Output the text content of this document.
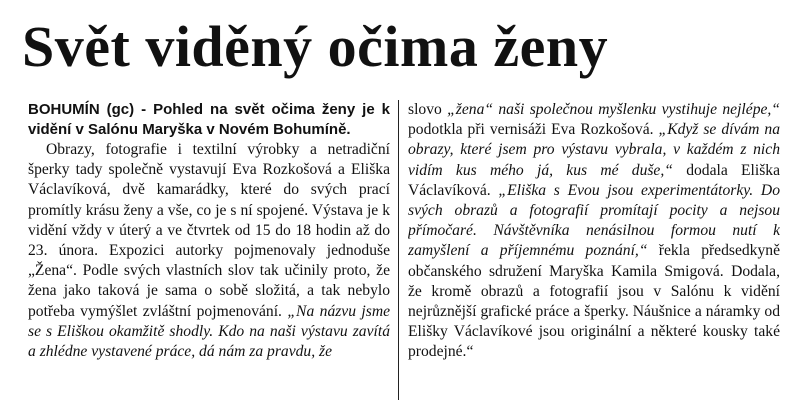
Svět viděný očima ženy

BOHUMÍN (gc) - Pohled na svět očima ženy je k vidění v Salónu Maryška v Novém Bohumíně.

Obrazy, fotografie i textilní výrobky a netradiční šperky tady společně vystavují Eva Rozkošová a Eliška Václavíková, dvě kamarádky, které do svých prací promítly krásu ženy a vše, co je s ní spojené. Výstava je k vidění vždy v úterý a ve čtvrtek od 15 do 18 hodin až do 23. února. Expozici autorky pojmenovaly jednoduše „Žena“. Podle svých vlastních slov tak učinily proto, že žena jako taková je sama o sobě složitá, a tak nebylo potřeba vymýšlet zvláštní pojmenování. „Na názvu jsme se s Eliškou okamžitě shodly. Kdo na naši výstavu zavítá a zhlédne vystavené práce, dá nám za pravdu, že

slovo „žena“ naši společnou myšlenku vystihuje nejlépe,“ podotkla při vernisáži Eva Rozkošová. „Když se dívám na obrazy, které jsem pro výstavu vybrala, v každém z nich vidím kus mého já, kus mé duše,“ dodala Eliška Václavíková. „Eliška s Evou jsou experimentátorky. Do svých obrazů a fotografií promítají pocity a nejsou přímočaré. Návštěvníka nenásilnou formou nutí k zamyšlení a příjemnému poznání,“ řekla předsedkyně občanského sdružení Maryška Kamila Smigová. Dodala, že kromě obrazů a fotografií jsou v Salónu k vidění nejrůznější grafické práce a šperky. Náušnice a náramky od Elišky Václavíkové jsou originální a některé kousky také prodejné.“
